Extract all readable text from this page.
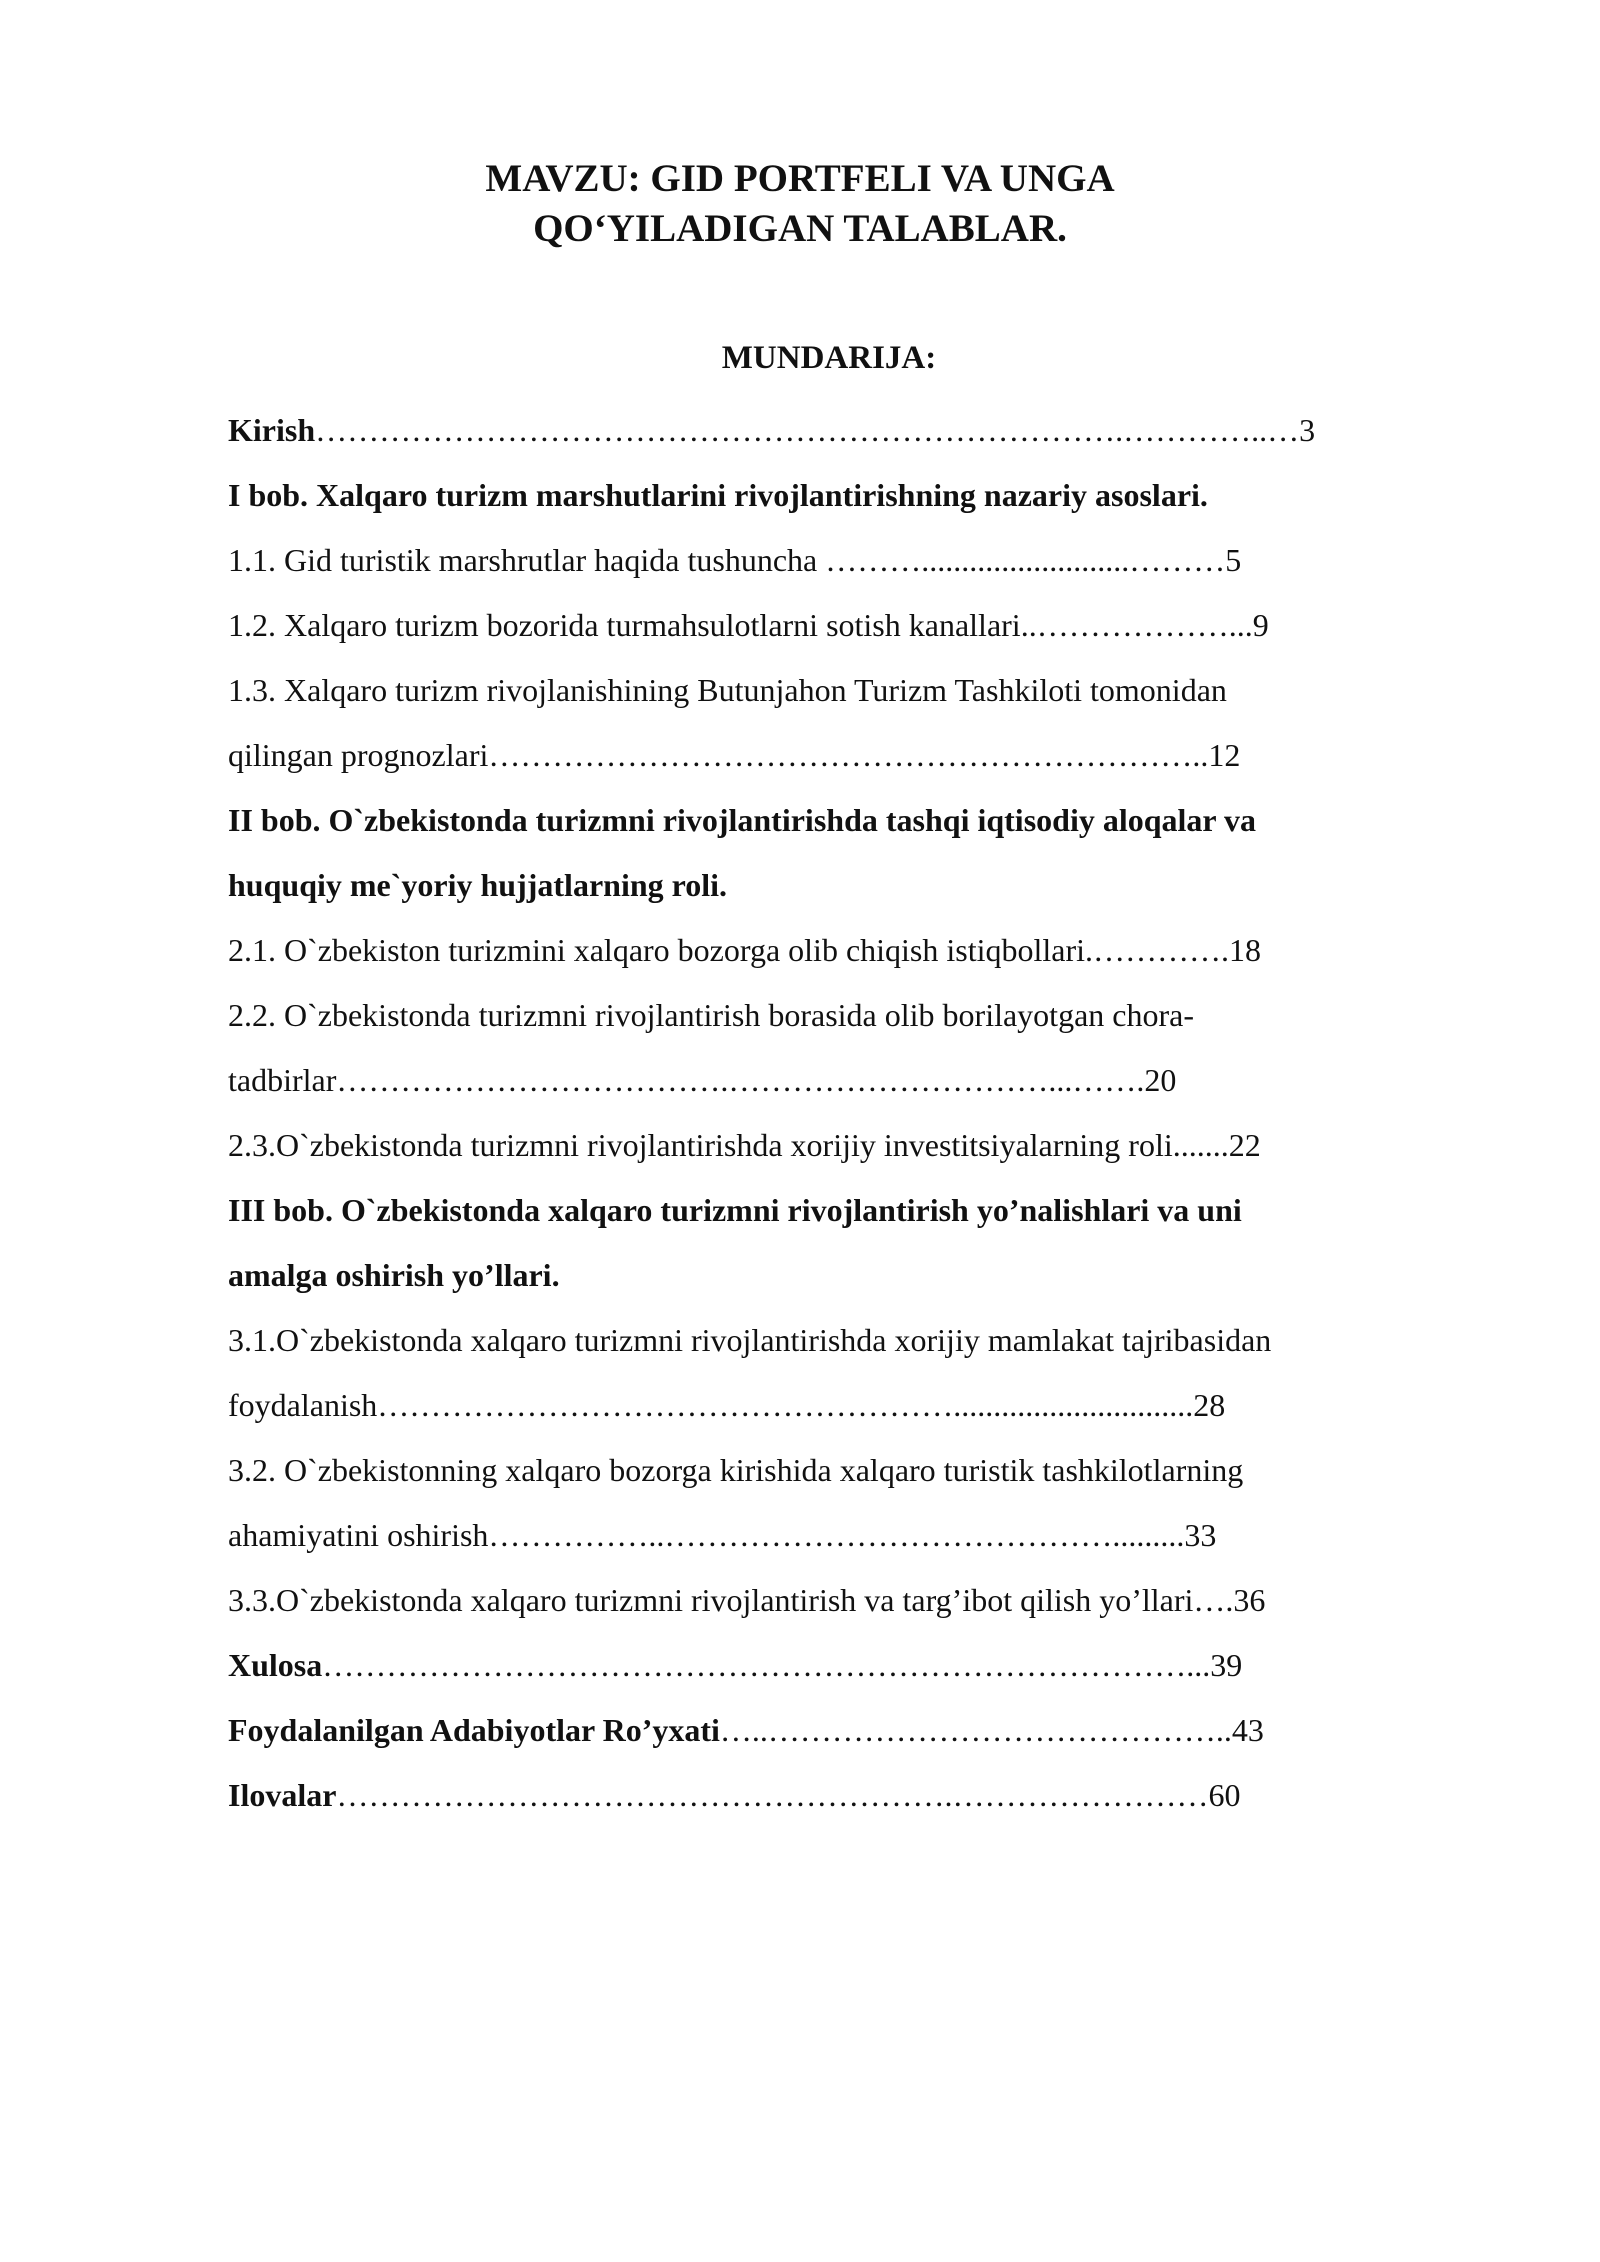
MAVZU: GID PORTFELI VA UNGA
QO‘YILADIGAN TALABLAR.
MUNDARIJA:
Kirish………………………………………………………………….…………..…3
I bob. Xalqaro turizm marshutlarini rivojlantirishning nazariy asoslari.
1.1. Gid turistik marshrutlar haqida tushuncha ………..........................………5
1.2. Xalqaro turizm bozorida turmahsulotlarni sotish kanallari..………………...9
1.3. Xalqaro turizm rivojlanishining Butunjahon Turizm Tashkiloti tomonidan
qilingan prognozlari…………………………………………………………..12
II bob. O`zbekistonda turizmni rivojlantirishda tashqi iqtisodiy aloqalar va
huquqiy me`yoriy hujjatlarning roli.
2.1. O`zbekiston turizmini xalqaro bozorga olib chiqish istiqbollari.………….18
2.2. O`zbekistonda turizmni rivojlantirish borasida olib borilayotgan chora-
tadbirlar……………………………….…………………………...…….20
2.3.O`zbekistonda turizmni rivojlantirishda xorijiy investitsiyalarning roli.......22
III bob. O`zbekistonda xalqaro turizmni rivojlantirish yo’nalishlari va uni
amalga oshirish yo’llari.
3.1.O`zbekistonda xalqaro turizmni rivojlantirishda xorijiy mamlakat tajribasidan
foydalanish………………………………………………..............................28
3.2. O`zbekistonning xalqaro bozorga kirishida xalqaro turistik tashkilotlarning
ahamiyatini oshirish……………..…………………………………….........33
3.3.O`zbekistonda xalqaro turizmni rivojlantirish va targ’ibot qilish yo’llari….36
Xulosa………………………………………………………………………...39
Foydalanilgan Adabiyotlar Ro’yxati…..……………………………………..43
Ilovalar………………………………………………….……………………60
